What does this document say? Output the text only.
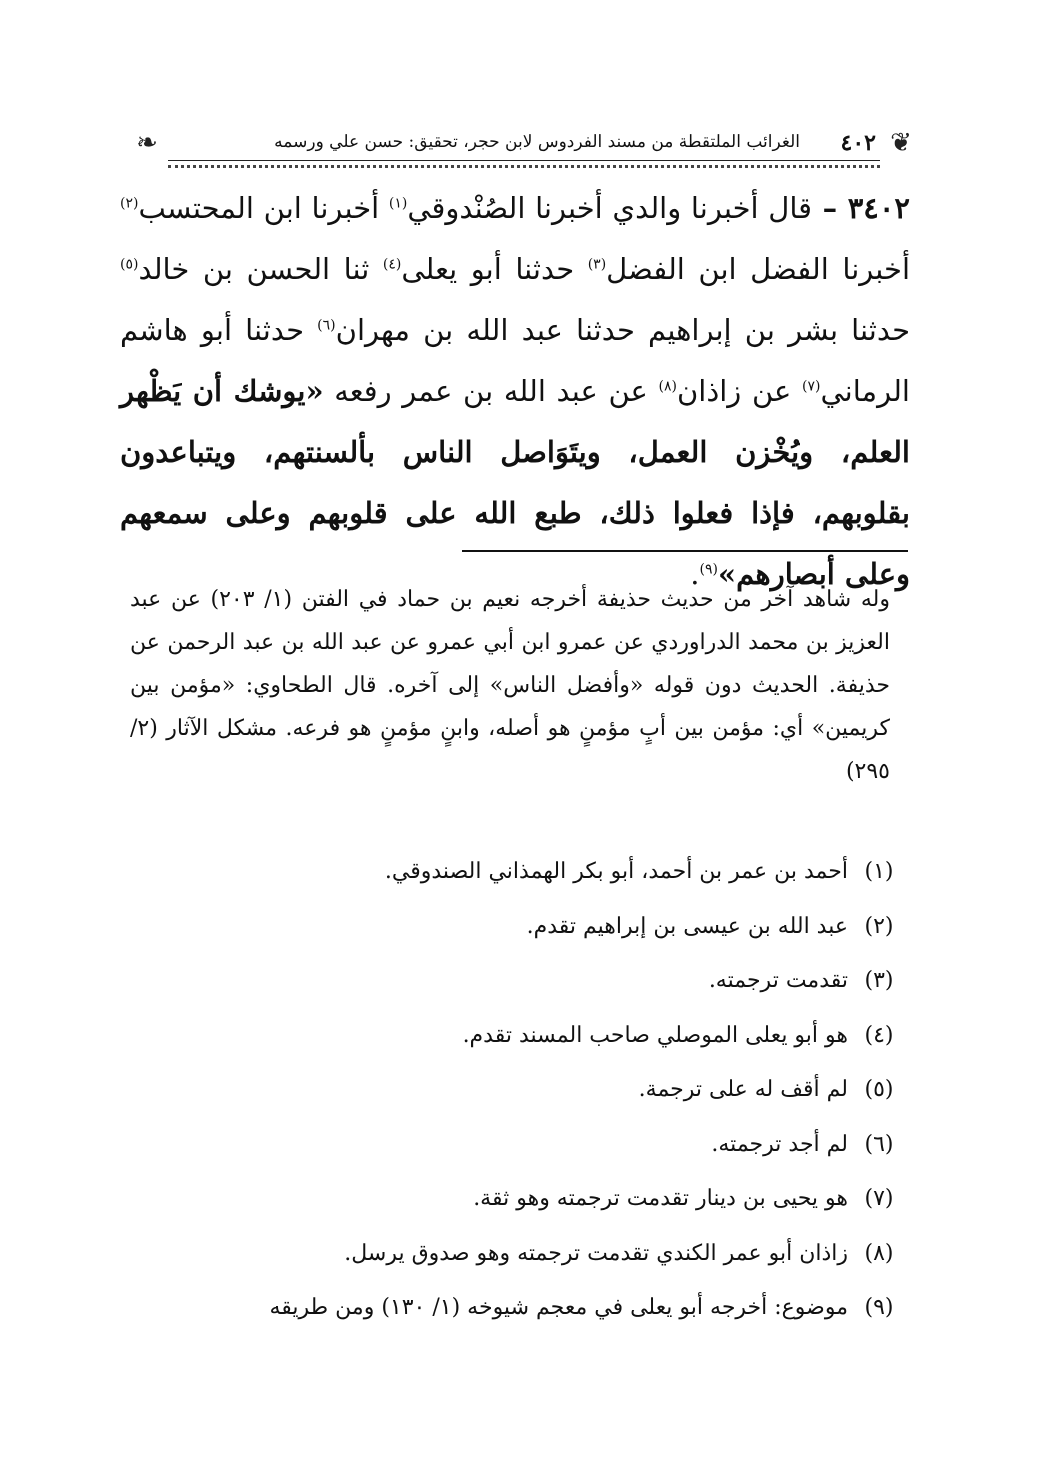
❦
٤٠٢
الغرائب الملتقطة من مسند الفردوس لابن حجر، تحقيق: حسن علي ورسمه
❧
٣٤٠٢ – قال أخبرنا والدي أخبرنا الصُنْدوقي$^{(١)}$ أخبرنا ابن المحتسب$^{(٢)}$ أخبرنا الفضل ابن الفضل$^{(٣)}$ حدثنا أبو يعلى$^{(٤)}$ ثنا الحسن بن خالد$^{(٥)}$ حدثنا بشر بن إبراهيم حدثنا عبد الله بن مهران$^{(٦)}$ حدثنا أبو هاشم الرماني$^{(٧)}$ عن زاذان$^{(٨)}$ عن عبد الله بن عمر رفعه «يوشك أن يَظْهر العلم، ويُخْزن العمل، ويتَوَاصل الناس بألسنتهم، ويتباعدون بقلوبهم، فإذا فعلوا ذلك، طبع الله على قلوبهم وعلى سمعهم وعلى أبصارهم»$^{(٩)}$.
وله شاهد آخر من حديث حذيفة أخرجه نعيم بن حماد في الفتن (١/ ٢٠٣) عن عبد العزيز بن محمد الدراوردي عن عمرو ابن أبي عمرو عن عبد الله بن عبد الرحمن عن حذيفة. الحديث دون قوله «وأفضل الناس» إلى آخره. قال الطحاوي: «مؤمن بين كريمين» أي: مؤمن بين أبٍ مؤمنٍ هو أصله، وابنٍ مؤمنٍ هو فرعه. مشكل الآثار (٢/ ٢٩٥)
(١)
أحمد بن عمر بن أحمد، أبو بكر الهمذاني الصندوقي.
(٢)
عبد الله بن عيسى بن إبراهيم تقدم.
(٣)
تقدمت ترجمته.
(٤)
هو أبو يعلى الموصلي صاحب المسند تقدم.
(٥)
لم أقف له على ترجمة.
(٦)
لم أجد ترجمته.
(٧)
هو يحيى بن دينار تقدمت ترجمته وهو ثقة.
(٨)
زاذان أبو عمر الكندي تقدمت ترجمته وهو صدوق يرسل.
(٩)
موضوع: أخرجه أبو يعلى في معجم شيوخه (١/ ١٣٠) ومن طريقه
